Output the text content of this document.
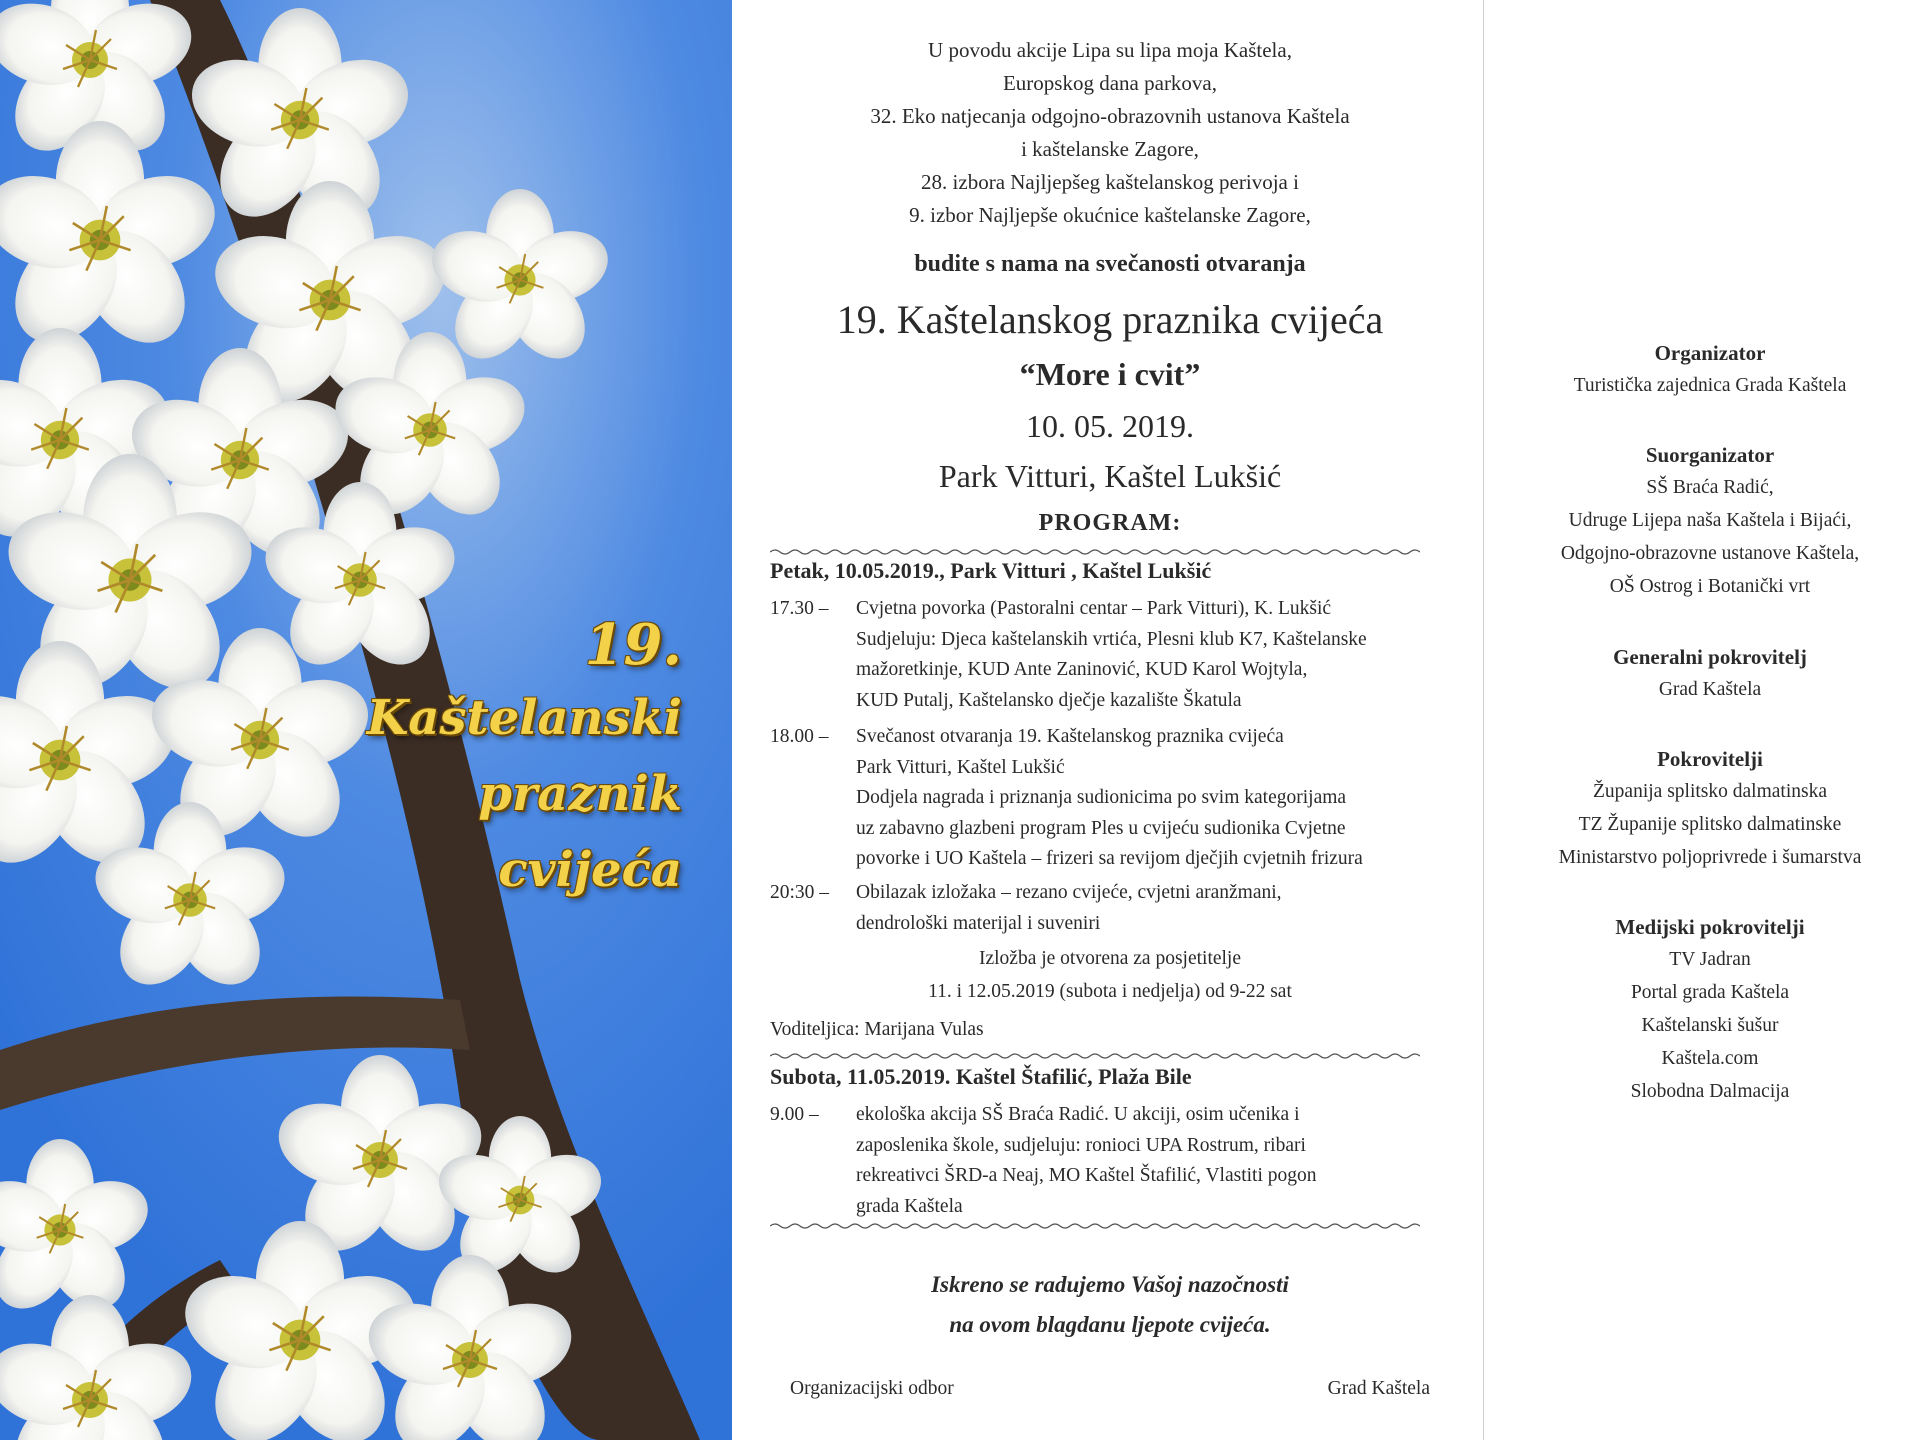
19.
Kaštelanski
praznik
cvijeća
U povodu akcije Lipa su lipa moja Kaštela,
Europskog dana parkova,
32. Eko natjecanja odgojno-obrazovnih ustanova Kaštela
i kaštelanske Zagore,
28. izbora Najljepšeg kaštelanskog perivoja i
9. izbor Najljepše okućnice kaštelanske Zagore,
budite s nama na svečanosti otvaranja
19. Kaštelanskog praznika cvijeća
“More i cvit”
10. 05. 2019.
Park Vitturi, Kaštel Lukšić
PROGRAM:
Petak, 10.05.2019., Park Vitturi , Kaštel Lukšić
17.30 –	Cvjetna povorka (Pastoralni centar – Park Vitturi), K. Lukšić
Sudjeluju: Djeca kaštelanskih vrtića, Plesni klub K7, Kaštelanske
mažoretkinje, KUD Ante Zaninović, KUD Karol Wojtyla,
KUD Putalj, Kaštelansko dječje kazalište Škatula
18.00 –	Svečanost otvaranja 19. Kaštelanskog praznika cvijeća
Park Vitturi, Kaštel Lukšić
Dodjela nagrada i priznanja sudionicima po svim kategorijama
uz zabavno glazbeni program Ples u cvijeću sudionika Cvjetne
povorke i UO Kaštela – frizeri sa revijom dječjih cvjetnih frizura
20:30 –	Obilazak izložaka – rezano cvijeće, cvjetni aranžmani,
dendrološki materijal i suveniri
Izložba je otvorena za posjetitelje
11. i 12.05.2019 (subota i nedjelja) od 9-22 sat
Voditeljica: Marijana Vulas
Subota, 11.05.2019. Kaštel Štafilić, Plaža Bile
9.00 –	ekološka akcija SŠ Braća Radić. U akciji, osim učenika i
zaposlenika škole, sudjeluju: ronioci UPA Rostrum, ribari
rekreativci ŠRD-a Neaj, MO Kaštel Štafilić, Vlastiti pogon
grada Kaštela
Iskreno se radujemo Vašoj nazočnosti
na ovom blagdanu ljepote cvijeća.
Organizacijski odbor	Grad Kaštela
Organizator
Turistička zajednica Grada Kaštela
Suorganizator
SŠ Braća Radić,
Udruge Lijepa naša Kaštela i Bijaći,
Odgojno-obrazovne ustanove Kaštela,
OŠ Ostrog i Botanički vrt
Generalni pokrovitelj
Grad Kaštela
Pokrovitelji
Županija splitsko dalmatinska
TZ Županije splitsko dalmatinske
Ministarstvo poljoprivrede i šumarstva
Medijski pokrovitelji
TV Jadran
Portal grada Kaštela
Kaštelanski šušur
Kaštela.com
Slobodna Dalmacija
